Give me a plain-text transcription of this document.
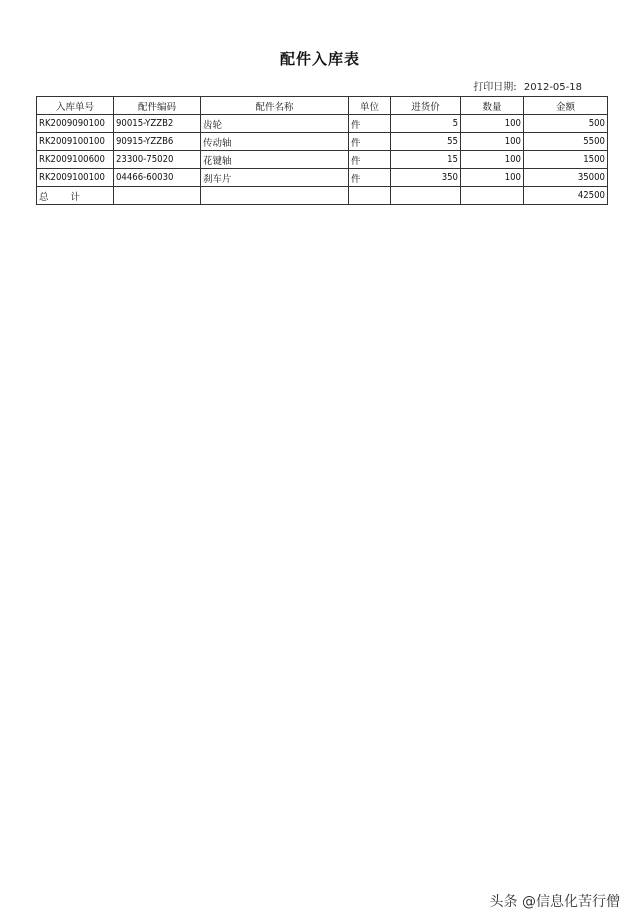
配件入库表
打印日期: 2012-05-18
入库单号	配件编码	配件名称	单位	进货价	数量	金额
RK2009090100	90015-YZZB2	齿轮	件	5	100	500
RK2009100100	90915-YZZB6	传动轴	件	55	100	5500
RK2009100600	23300-75020	花键轴	件	15	100	1500
RK2009100100	04466-60030	刹车片	件	350	100	35000
总 计						42500
头条 @信息化苦行僧
